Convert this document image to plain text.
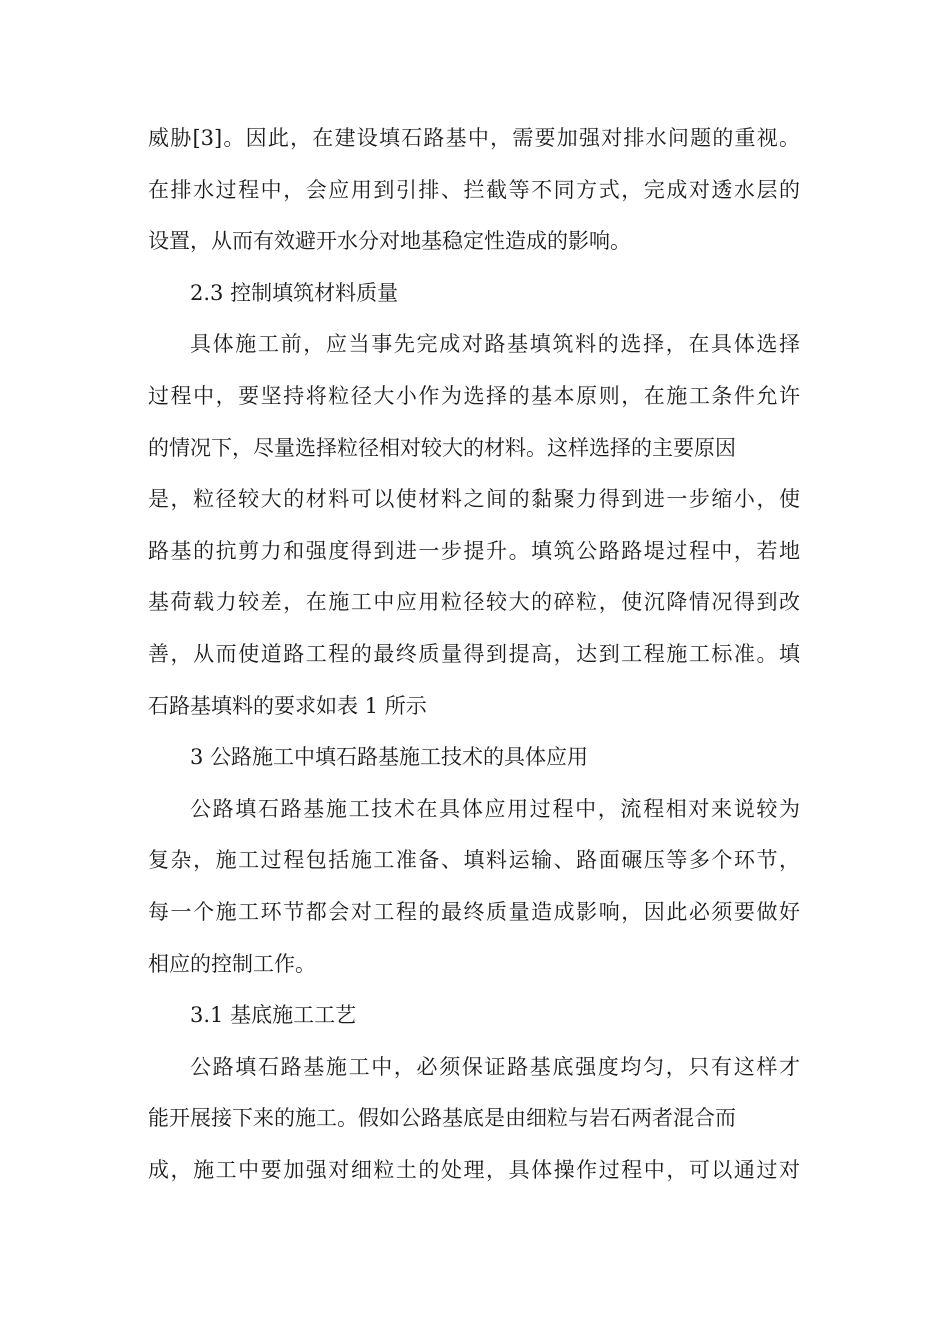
威胁[3]。因此，在建设填石路基中，需要加强对排水问题的重视。
在排水过程中，会应用到引排、拦截等不同方式，完成对透水层的
设置，从而有效避开水分对地基稳定性造成的影响。
2.3 控制填筑材料质量
具体施工前，应当事先完成对路基填筑料的选择，在具体选择
过程中，要坚持将粒径大小作为选择的基本原则，在施工条件允许
的情况下，尽量选择粒径相对较大的材料。这样选择的主要原因
是，粒径较大的材料可以使材料之间的黏聚力得到进一步缩小，使
路基的抗剪力和强度得到进一步提升。填筑公路路堤过程中，若地
基荷载力较差，在施工中应用粒径较大的碎粒，使沉降情况得到改
善，从而使道路工程的最终质量得到提高，达到工程施工标准。填
石路基填料的要求如表 1 所示
3 公路施工中填石路基施工技术的具体应用
公路填石路基施工技术在具体应用过程中，流程相对来说较为
复杂，施工过程包括施工准备、填料运输、路面碾压等多个环节，
每一个施工环节都会对工程的最终质量造成影响，因此必须要做好
相应的控制工作。
3.1 基底施工工艺
公路填石路基施工中，必须保证路基底强度均匀，只有这样才
能开展接下来的施工。假如公路基底是由细粒与岩石两者混合而
成，施工中要加强对细粒土的处理，具体操作过程中，可以通过对
